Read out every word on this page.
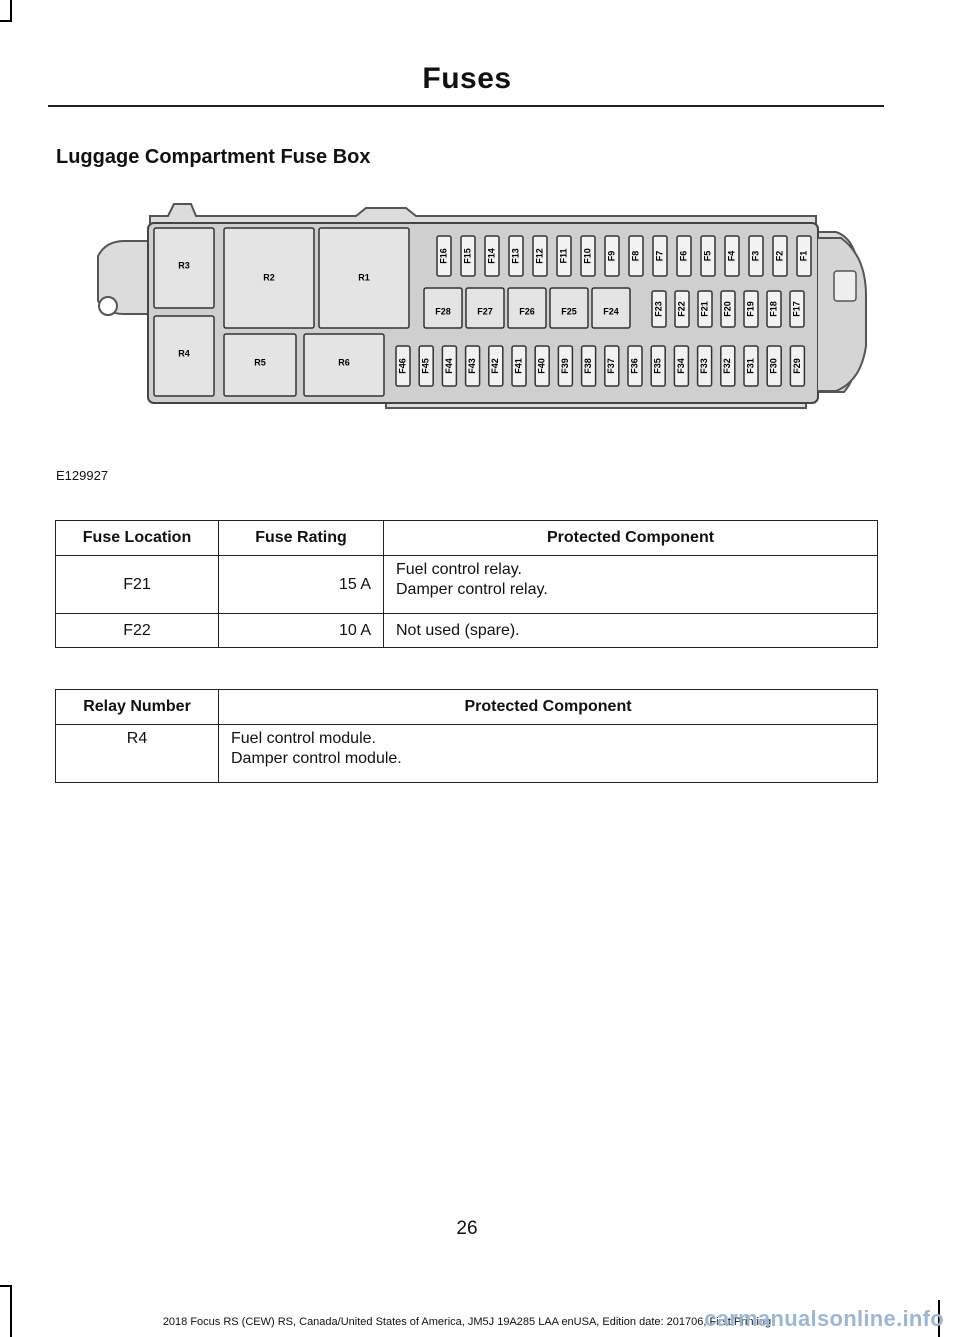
Fuses
Luggage Compartment Fuse Box
R3
R2	R1
R4
R5	R6
F16 F15 F14 F13 F12 F11 F10 F9 F8 F7 F6 F5 F4 F3 F2 F1
F28	F27	F26	F25	F24	F23 F22 F21 F20 F19 F18 F17
F46 F45 F44 F43 F42 F41 F40 F39 F38 F37 F36 F35 F34 F33 F32 F31 F30 F29
E129927
Fuse Location	Fuse Rating	Protected Component
F21	15 A	Fuel control relay.
Damper control relay.

F22	10 A	Not used (spare).
Relay Number	Protected Component
R4	Fuel control module.
Damper control module.
26
2018 Focus RS (CEW) RS, Canada/United States of America, JM5J 19A285 LAA enUSA, Edition date: 201706, First Printing
carmanualsonline.info
